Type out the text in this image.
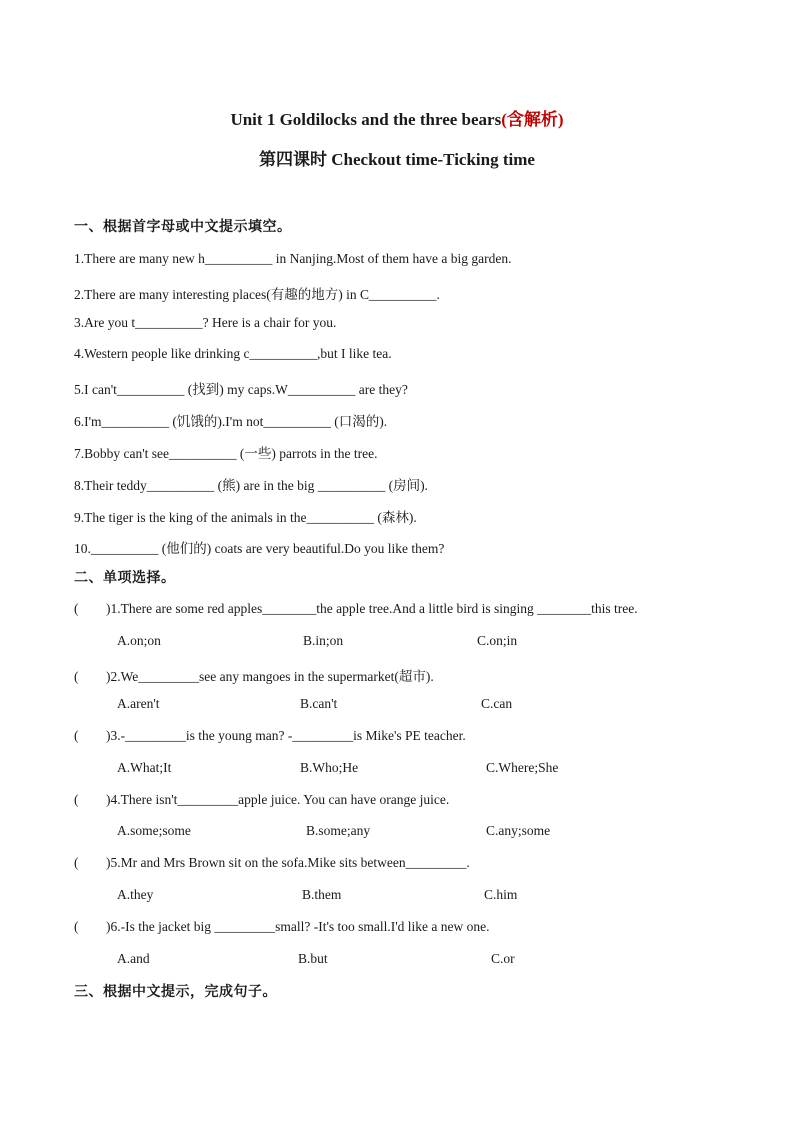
Unit 1 Goldilocks and the three bears(含解析)
第四课时 Checkout time-Ticking time
一、根据首字母或中文提示填空。
1.There are many new h__________ in Nanjing.Most of them have a big garden.
2.There are many interesting places(有趣的地方) in C__________.
3.Are you t__________? Here is a chair for you.
4.Western people like drinking c__________,but I like tea.
5.I can't__________ (找到) my caps.W__________ are they?
6.I'm__________ (饥饿的).I'm not__________ (口渴的).
7.Bobby can't see__________ (一些) parrots in the tree.
8.Their teddy__________ (熊) are in the big __________ (房间).
9.The tiger is the king of the animals in the__________ (森林).
10.__________ (他们的) coats are very beautiful.Do you like them?
二、单项选择。
( )1.There are some red apples________the apple tree.And a little bird is singing ________this tree.
A.on;on	B.in;on	C.on;in
( )2.We_________see any mangoes in the supermarket(超市).
A.aren't	B.can't	C.can
( )3.-_________is the young man? -_________is Mike's PE teacher.
A.What;It	B.Who;He	C.Where;She
( )4.There isn't_________apple juice. You can have orange juice.
A.some;some	B.some;any	C.any;some
( )5.Mr and Mrs Brown sit on the sofa.Mike sits between_________.
A.they	B.them	C.him
( )6.-Is the jacket big _________small? -It's too small.I'd like a new one.
A.and	B.but	C.or
三、根据中文提示，完成句子。
